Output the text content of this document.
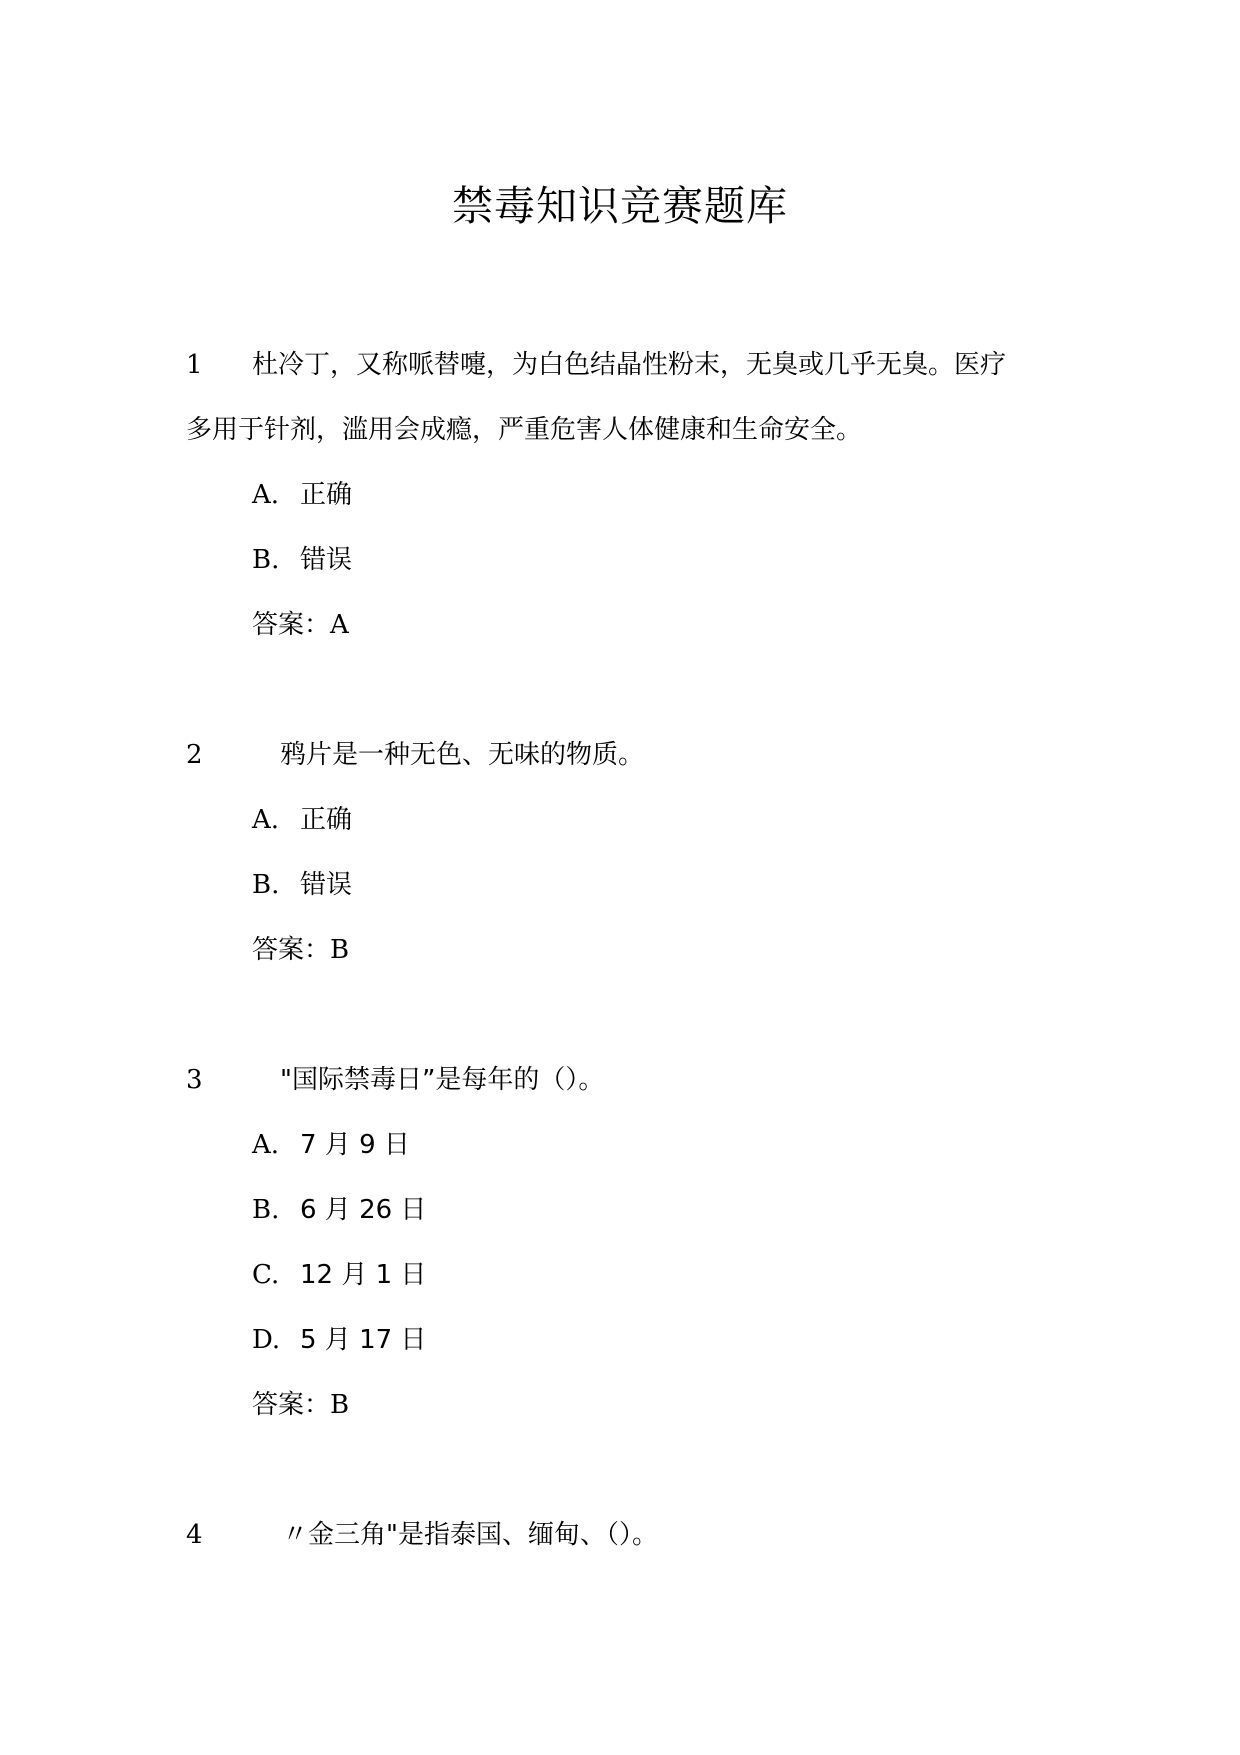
禁毒知识竞赛题库
1 杜冷丁，又称哌替嚏，为白色结晶性粉末，无臭或几乎无臭。医疗
多用于针剂，滥用会成瘾，严重危害人体健康和生命安全。
A. 正确
B. 错误
答案：A
2	鸦片是一种无色、无味的物质。
A. 正确
B. 错误
答案：B
3	"国际禁毒日”是每年的（）。
A. 7 月 9 日
B. 6 月 26 日
C. 12 月 1 日
D. 5 月 17 日
答案：B
4	〃金三角"是指泰国、缅甸、（）。
